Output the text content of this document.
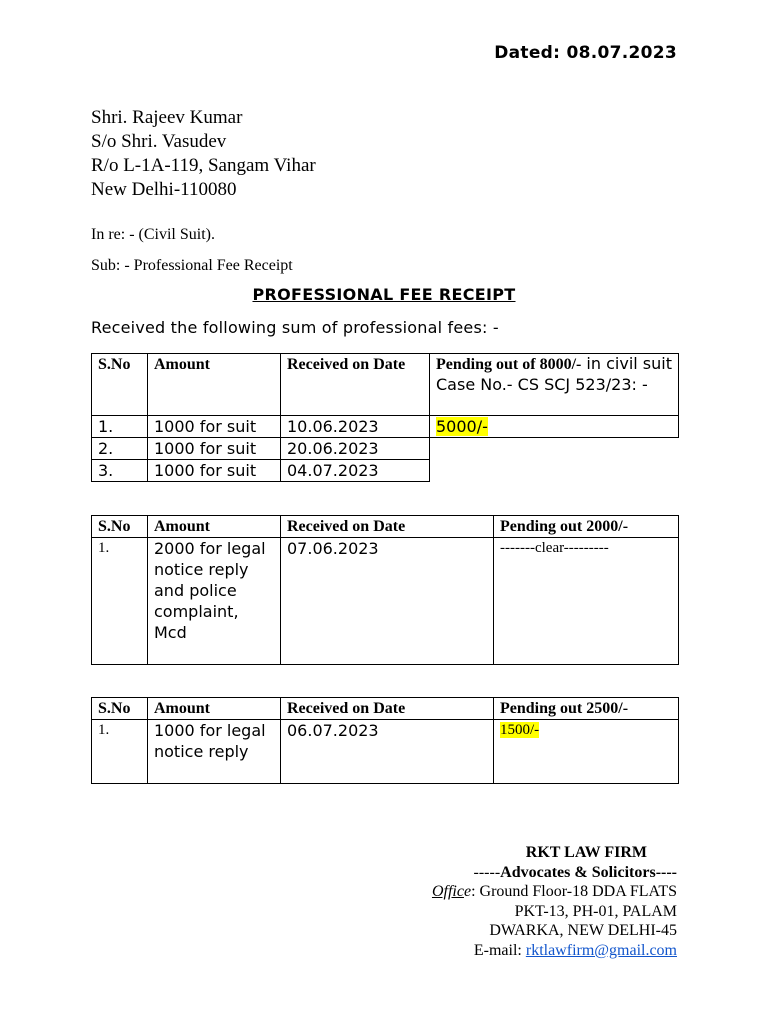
Dated: 08.07.2023
Shri. Rajeev Kumar
S/o Shri. Vasudev
R/o L-1A-119, Sangam Vihar
New Delhi-110080
In re: - (Civil Suit).
Sub: - Professional Fee Receipt
PROFESSIONAL FEE RECEIPT
Received the following sum of professional fees: -
S.No	Amount	Received on Date	Pending out of 8000/- in civil suit Case No.- CS SCJ 523/23: -
1.	1000 for suit	10.06.2023	5000/-
2.	1000 for suit	20.06.2023	
3.	1000 for suit	04.07.2023	
S.No	Amount	Received on Date	Pending out 2000/-
1.	2000 for legal notice reply and police complaint, Mcd	07.06.2023	-------clear---------
S.No	Amount	Received on Date	Pending out 2500/-
1.	1000 for legal notice reply	06.07.2023	1500/-
RKT LAW FIRM
-----Advocates & Solicitors----
Office: Ground Floor-18 DDA FLATS
PKT-13, PH-01, PALAM
DWARKA, NEW DELHI-45
E-mail: rktlawfirm@gmail.com
